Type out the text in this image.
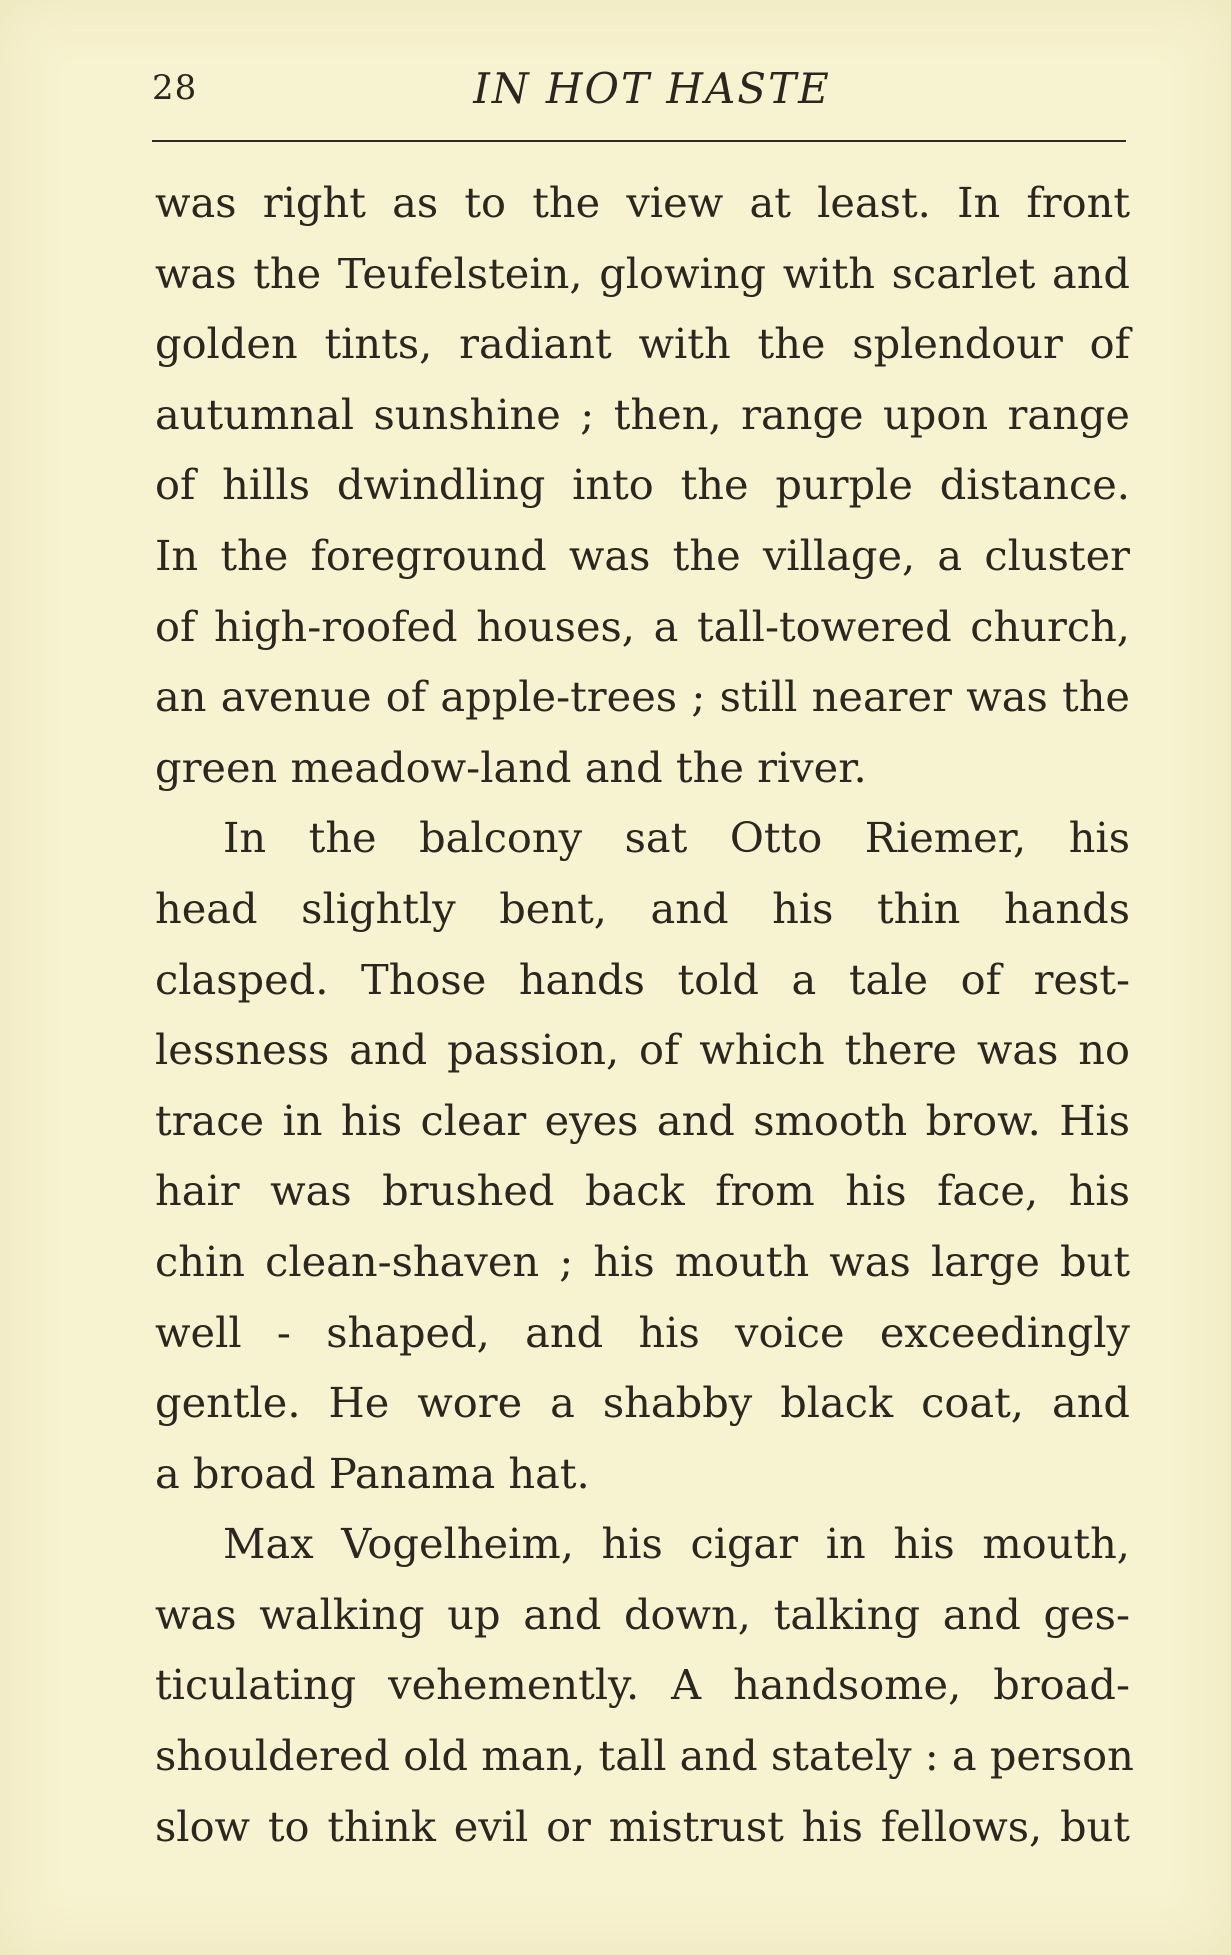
28	IN HOT HASTE
was right as to the view at least. In front
was the Teufelstein, glowing with scarlet and
golden tints, radiant with the splendour of
autumnal sunshine ; then, range upon range
of hills dwindling into the purple distance.
In the foreground was the village, a cluster
of high-roofed houses, a tall-towered church,
an avenue of apple-trees ; still nearer was the
green meadow-land and the river.
In the balcony sat Otto Riemer, his
head slightly bent, and his thin hands
clasped. Those hands told a tale of rest-
lessness and passion, of which there was no
trace in his clear eyes and smooth brow. His
hair was brushed back from his face, his
chin clean-shaven ; his mouth was large but
well - shaped, and his voice exceedingly
gentle. He wore a shabby black coat, and
a broad Panama hat.
Max Vogelheim, his cigar in his mouth,
was walking up and down, talking and ges-
ticulating vehemently. A handsome, broad-
shouldered old man, tall and stately : a person
slow to think evil or mistrust his fellows, but
